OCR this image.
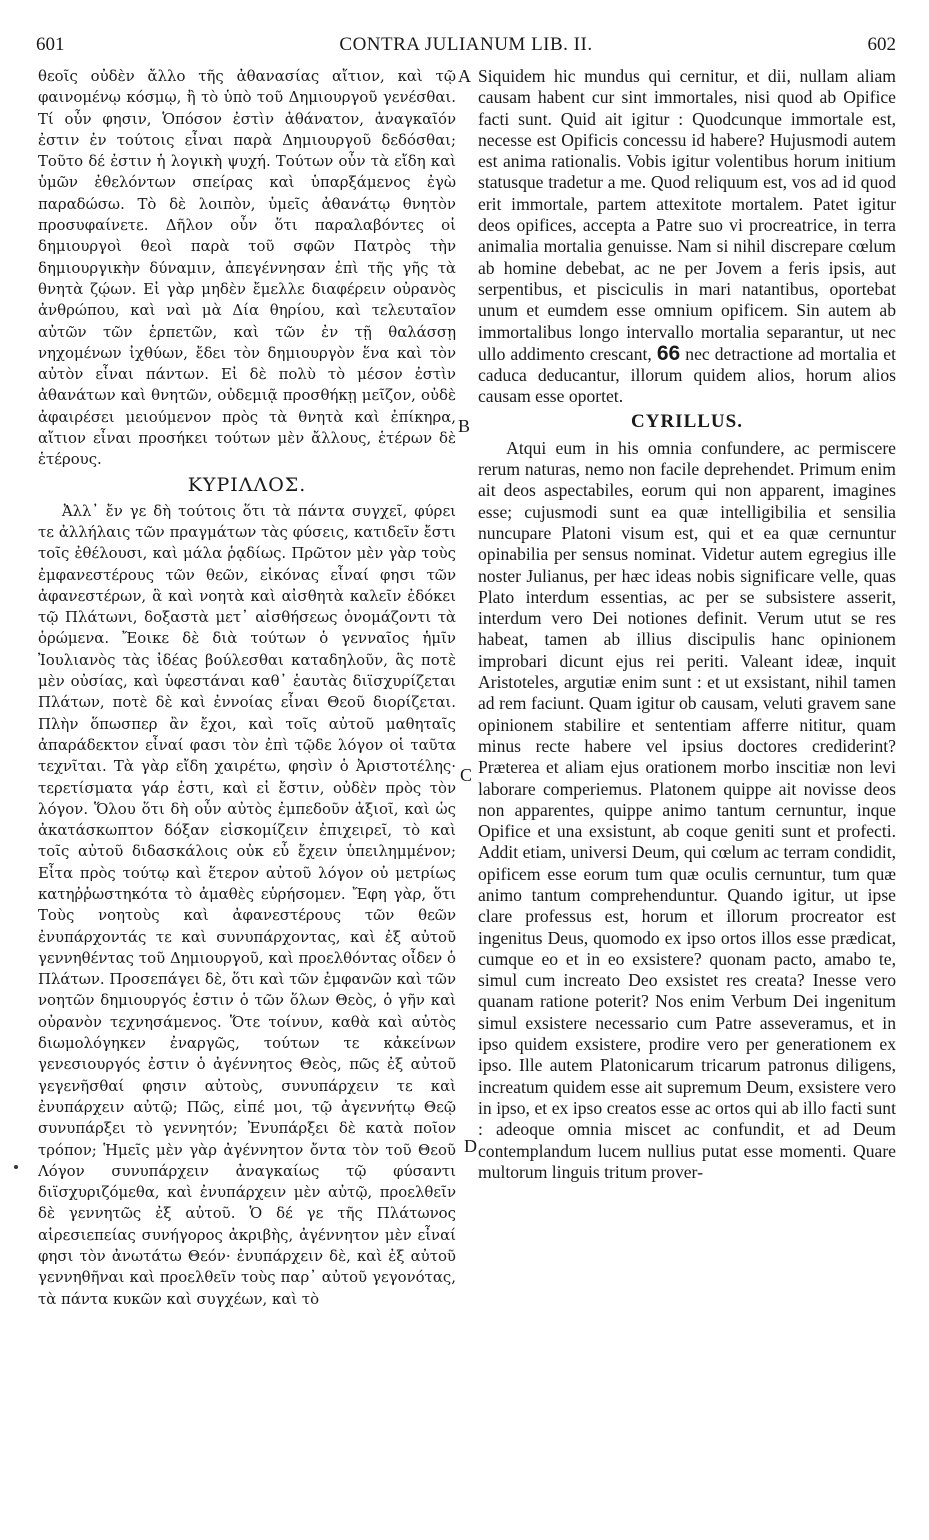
601	CONTRA JULIANUM LIB. II.	602

θεοῖς οὐδὲν ἄλλο τῆς ἀθανασίας αἴτιον, καὶ τῷ φαινομένῳ κόσμῳ, ἢ τὸ ὑπὸ τοῦ Δημιουργοῦ γενέσθαι. Τί οὖν φησιν, Ὁπόσον ἐστὶν ἀθάνατον, ἀναγκαῖόν ἐστιν ἐν τούτοις εἶναι παρὰ Δημιουργοῦ δεδόσθαι; Τοῦτο δέ ἐστιν ἡ λογικὴ ψυχή. Τούτων οὖν τὰ εἴδη καὶ ὑμῶν ἐθελόντων σπείρας καὶ ὑπαρξάμενος ἐγὼ παραδώσω. Τὸ δὲ λοιπὸν, ὑμεῖς ἀθανάτῳ θνητὸν προσυφαίνετε. Δῆλον οὖν ὅτι παραλαβόντες οἱ δημιουργοὶ θεοὶ παρὰ τοῦ σφῶν Πατρὸς τὴν δημιουργικὴν δύναμιν, ἀπεγέννησαν ἐπὶ τῆς γῆς τὰ θνητὰ ζῴων. Εἰ γὰρ μηδὲν ἔμελλε διαφέρειν οὐρανὸς ἀνθρώπου, καὶ ναὶ μὰ Δία θηρίου, καὶ τελευταῖον αὐτῶν τῶν ἑρπετῶν, καὶ τῶν ἐν τῇ θαλάσσῃ νηχομένων ἰχθύων, ἔδει τὸν δημιουργὸν ἕνα καὶ τὸν αὐτὸν εἶναι πάντων. Εἰ δὲ πολὺ τὸ μέσον ἐστὶν ἀθανάτων καὶ θνητῶν, οὐδεμιᾷ προσθήκῃ μεῖζον, οὐδὲ ἀφαιρέσει μειούμενον πρὸς τὰ θνητὰ καὶ ἐπίκηρα, αἴτιον εἶναι προσήκει τούτων μὲν ἄλλους, ἑτέρων δὲ ἑτέρους.

ΚΥΡΙΛΛΟΣ.

Ἀλλ᾽ ἔν γε δὴ τούτοις ὅτι τὰ πάντα συγχεῖ, φύρει τε ἀλλήλαις τῶν πραγμάτων τὰς φύσεις, κατιδεῖν ἔστι τοῖς ἐθέλουσι, καὶ μάλα ῥᾳδίως. Πρῶτον μὲν γὰρ τοὺς ἐμφανεστέρους τῶν θεῶν, εἰκόνας εἶναί φησι τῶν ἀφανεστέρων, ἃ καὶ νοητὰ καὶ αἰσθητὰ καλεῖν ἐδόκει τῷ Πλάτωνι, δοξαστὰ μετ᾽ αἰσθήσεως ὀνομάζοντι τὰ ὁρώμενα. Ἔοικε δὲ διὰ τούτων ὁ γενναῖος ἡμῖν Ἰουλιανὸς τὰς ἰδέας βούλεσθαι καταδηλοῦν, ἃς ποτὲ μὲν οὐσίας, καὶ ὑφεστάναι καθ᾽ ἑαυτὰς διϊσχυρίζεται Πλάτων, ποτὲ δὲ καὶ ἐννοίας εἶναι Θεοῦ διορίζεται. Πλὴν ὅπωσπερ ἂν ἔχοι, καὶ τοῖς αὐτοῦ μαθηταῖς ἀπαράδεκτον εἶναί φασι τὸν ἐπὶ τῷδε λόγον οἱ ταῦτα τεχνῖται. Τὰ γὰρ εἴδη χαιρέτω, φησὶν ὁ Ἀριστοτέλης· τερετίσματα γάρ ἐστι, καὶ εἰ ἔστιν, οὐδὲν πρὸς τὸν λόγον. Ὅλου ὅτι δὴ οὖν αὐτὸς ἐμπεδοῦν ἀξιοῖ, καὶ ὡς ἀκατάσκωπτον δόξαν εἰσκομίζειν ἐπιχειρεῖ, τὸ καὶ τοῖς αὐτοῦ διδασκάλοις οὐκ εὖ ἔχειν ὑπειλημμένον; Εἶτα πρὸς τούτῳ καὶ ἕτερον αὐτοῦ λόγον οὐ μετρίως κατηῤῥωστηκότα τὸ ἀμαθὲς εὑρήσομεν. Ἔφη γὰρ, ὅτι Τοὺς νοητοὺς καὶ ἀφανεστέρους τῶν θεῶν ἐνυπάρχοντάς τε καὶ συνυπάρχοντας, καὶ ἐξ αὐτοῦ γεννηθέντας τοῦ Δημιουργοῦ, καὶ προελθόντας οἶδεν ὁ Πλάτων. Προσεπάγει δὲ, ὅτι καὶ τῶν ἐμφανῶν καὶ τῶν νοητῶν δημιουργός ἐστιν ὁ τῶν ὅλων Θεὸς, ὁ γῆν καὶ οὐρανὸν τεχνησάμενος. Ὅτε τοίνυν, καθὰ καὶ αὐτὸς διωμολόγηκεν ἐναργῶς, τούτων τε κἀκείνων γενεσιουργός ἐστιν ὁ ἀγέννητος Θεὸς, πῶς ἐξ αὐτοῦ γεγενῆσθαί φησιν αὐτοὺς, συνυπάρχειν τε καὶ ἐνυπάρχειν αὐτῷ; Πῶς, εἰπέ μοι, τῷ ἀγεννήτῳ Θεῷ συνυπάρξει τὸ γεννητόν; Ἐνυπάρξει δὲ κατὰ ποῖον τρόπον; Ἡμεῖς μὲν γὰρ ἀγέννητον ὄντα τὸν τοῦ Θεοῦ Λόγον συνυπάρχειν ἀναγκαίως τῷ φύσαντι διϊσχυριζόμεθα, καὶ ἐνυπάρχειν μὲν αὐτῷ, προελθεῖν δὲ γεννητῶς ἐξ αὐτοῦ. Ὁ δέ γε τῆς Πλάτωνος αἱρεσιεπείας συνήγορος ἀκριβὴς, ἀγέννητον μὲν εἶναί φησι τὸν ἀνωτάτω Θεόν· ἐνυπάρχειν δὲ, καὶ ἐξ αὐτοῦ γεννηθῆναι καὶ προελθεῖν τοὺς παρ᾽ αὐτοῦ γεγονότας, τὰ πάντα κυκῶν καὶ συγχέων, καὶ τὸ

Siquidem hic mundus qui cernitur, et dii, nullam aliam causam habent cur sint immortales, nisi quod ab Opifice facti sunt. Quid ait igitur : Quodcunque immortale est, necesse est Opificis concessu id habere? Hujusmodi autem est anima rationalis. Vobis igitur volentibus horum initium statusque tradetur a me. Quod reliquum est, vos ad id quod erit immortale, partem attexitote mortalem. Patet igitur deos opifices, accepta a Patre suo vi procreatrice, in terra animalia mortalia genuisse. Nam si nihil discrepare cœlum ab homine debebat, ac ne per Jovem a feris ipsis, aut serpentibus, et pisciculis in mari natantibus, oportebat unum et eumdem esse omnium opificem. Sin autem ab immortalibus longo intervallo mortalia separantur, ut nec ullo addimento crescant, 66 nec detractione ad mortalia et caduca deducantur, illorum quidem alios, horum alios causam esse oportet.

CYRILLUS.

Atqui eum in his omnia confundere, ac permiscere rerum naturas, nemo non facile deprehendet. Primum enim ait deos aspectabiles, eorum qui non apparent, imagines esse; cujusmodi sunt ea quæ intelligibilia et sensilia nuncupare Platoni visum est, qui et ea quæ cernuntur opinabilia per sensus nominat. Videtur autem egregius ille noster Julianus, per hæc ideas nobis significare velle, quas Plato interdum essentias, ac per se subsistere asserit, interdum vero Dei notiones definit. Verum utut se res habeat, tamen ab illius discipulis hanc opinionem improbari dicunt ejus rei periti. Valeant ideæ, inquit Aristoteles, argutiæ enim sunt : et ut exsistant, nihil tamen ad rem faciunt. Quam igitur ob causam, veluti gravem sane opinionem stabilire et sententiam afferre nititur, quam minus recte habere vel ipsius doctores crediderint? Præterea et aliam ejus orationem morbo inscitiæ non levi laborare comperiemus. Platonem quippe ait novisse deos non apparentes, quippe animo tantum cernuntur, inque Opifice et una exsistunt, ab coque geniti sunt et profecti. Addit etiam, universi Deum, qui cœlum ac terram condidit, opificem esse eorum tum quæ oculis cernuntur, tum quæ animo tantum comprehenduntur. Quando igitur, ut ipse clare professus est, horum et illorum procreator est ingenitus Deus, quomodo ex ipso ortos illos esse prædicat, cumque eo et in eo exsistere? quonam pacto, amabo te, simul cum increato Deo exsistet res creata? Inesse vero quanam ratione poterit? Nos enim Verbum Dei ingenitum simul exsistere necessario cum Patre asseveramus, et in ipso quidem exsistere, prodire vero per generationem ex ipso. Ille autem Platonicarum tricarum patronus diligens, increatum quidem esse ait supremum Deum, exsistere vero in ipso, et ex ipso creatos esse ac ortos qui ab illo facti sunt : adeoque omnia miscet ac confundit, et ad Deum contemplandum lucem nullius putat esse momenti. Quare multorum linguis tritum prover-

A
B
C
D
